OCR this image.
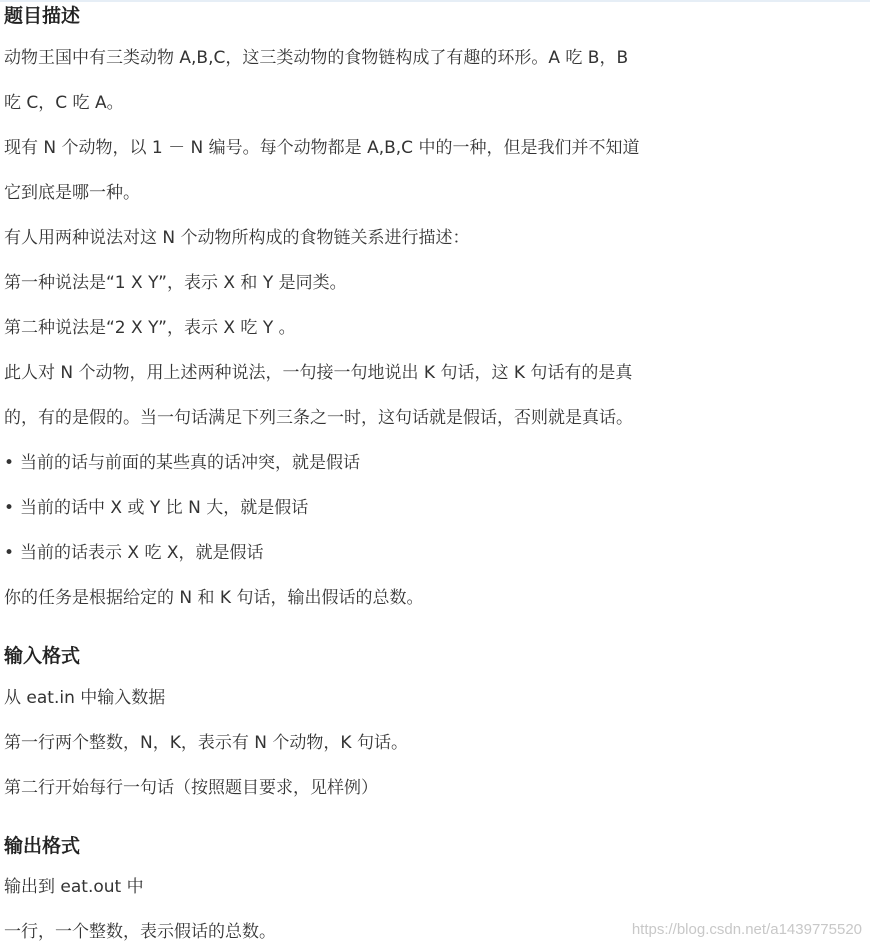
题目描述

动物王国中有三类动物 A,B,C，这三类动物的食物链构成了有趣的环形。A 吃 B，B

吃 C，C 吃 A。

现有 N 个动物，以 1 － N 编号。每个动物都是 A,B,C 中的一种，但是我们并不知道

它到底是哪一种。

有人用两种说法对这 N 个动物所构成的食物链关系进行描述：

第一种说法是“1 X Y”，表示 X 和 Y 是同类。

第二种说法是“2 X Y”，表示 X 吃 Y 。

此人对 N 个动物，用上述两种说法，一句接一句地说出 K 句话，这 K 句话有的是真

的，有的是假的。当一句话满足下列三条之一时，这句话就是假话，否则就是真话。

• 当前的话与前面的某些真的话冲突，就是假话

• 当前的话中 X 或 Y 比 N 大，就是假话

• 当前的话表示 X 吃 X，就是假话

你的任务是根据给定的 N 和 K 句话，输出假话的总数。

输入格式

从 eat.in 中输入数据

第一行两个整数，N，K，表示有 N 个动物，K 句话。

第二行开始每行一句话（按照题目要求，见样例）

输出格式

输出到 eat.out 中

一行，一个整数，表示假话的总数。	https://blog.csdn.net/a1439775520
